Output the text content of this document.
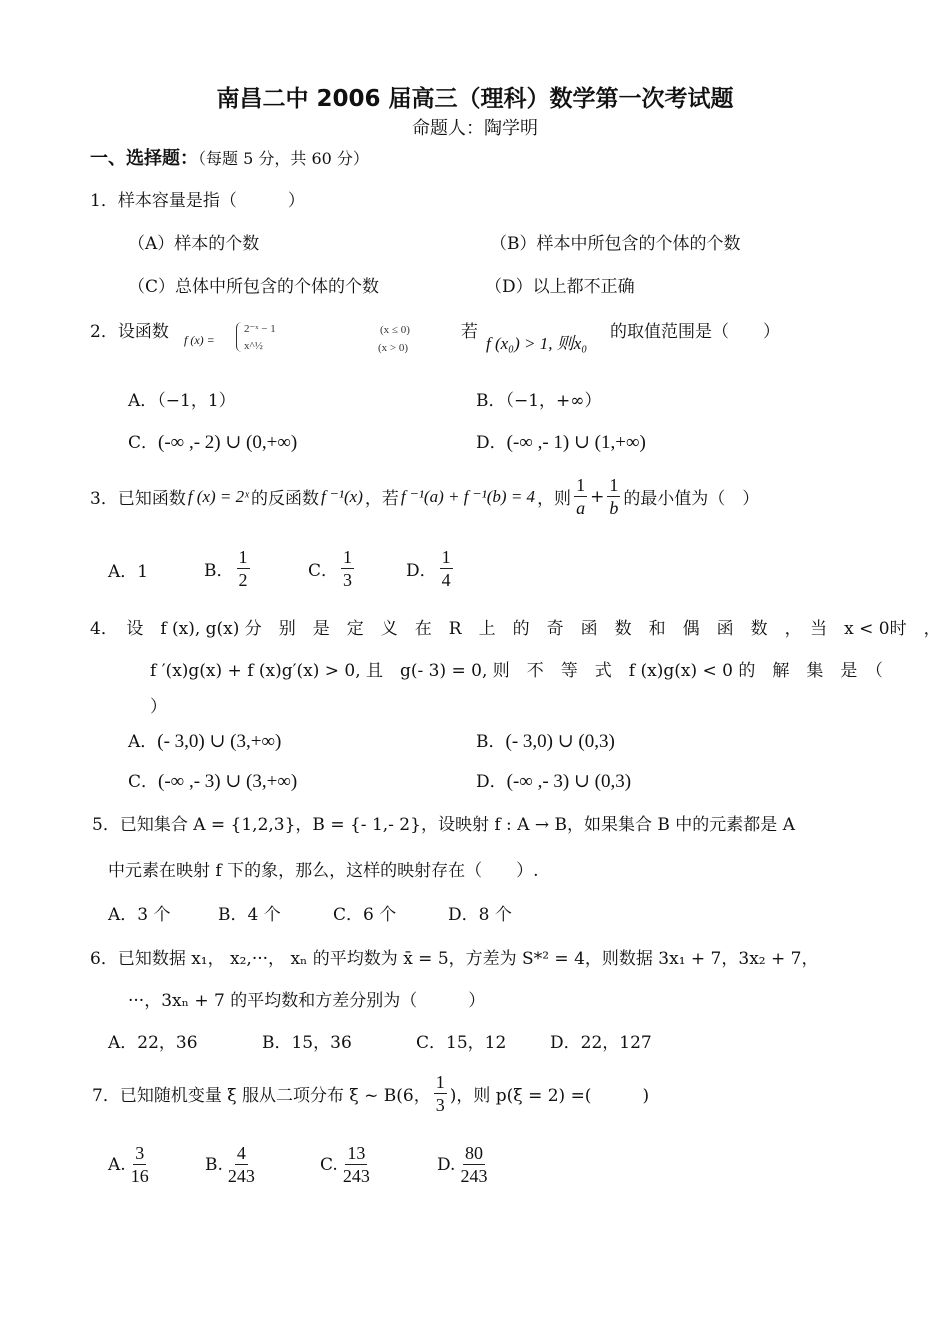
南昌二中 2006 届高三（理科）数学第一次考试题
命题人：陶学明
一、选择题：（每题 5 分，共 60 分）
1．样本容量是指（　　　）
（A）样本的个数	（B）样本中所包含的个体的个数
（C）总体中所包含的个体的个数	（D）以上都不正确
2．设函数 f (x) =
2⁻ˣ − 1
x^½
(x ≤ 0)
(x > 0)
若
f (x₀) > 1, 则x₀
的取值范围是（　　）
A．（−1，1）	B．（−1，+∞）
C．(-∞ ,- 2) ∪ (0,+∞)	D．(-∞ ,- 1) ∪ (1,+∞)
3．已知函数 f (x) = 2ˣ 的反函数 f ⁻¹(x) ，若 f ⁻¹(a) + f ⁻¹(b) = 4 ，则 $\frac{1}{a} + \frac{1}{b}$ 的最小值为（　）
A．1	B． $\frac{1}{2}$	C． $\frac{1}{3}$	D． $\frac{1}{4}$
4．　设　f (x), g(x) 分　别　是　定　义　在　R　上　的　奇　函　数　和　偶　函　数　，　当　x < 0时　，
f ′(x)g(x) + f (x)g′(x) > 0, 且　g(- 3) = 0, 则　不　等　式　f (x)g(x) < 0 的　解　集　是　（
）
A．(- 3,0) ∪ (3,+∞)	B．(- 3,0) ∪ (0,3)
C．(-∞ ,- 3) ∪ (3,+∞)	D．(-∞ ,- 3) ∪ (0,3)
5．已知集合 A = {1,2,3}，B = {- 1,- 2}，设映射 f : A → B，如果集合 B 中的元素都是 A
中元素在映射 f 下的象，那么，这样的映射存在（　　）.
A．3 个	B．4 个	C．6 个	D．8 个
6．已知数据 x₁， x₂,···， xₙ 的平均数为 x̄ = 5，方差为 S*² = 4，则数据 3x₁ + 7，3x₂ + 7，
···，3xₙ + 7 的平均数和方差分别为（　　　）
A．22，36	B．15，36	C．15，12	D．22，127
7．已知随机变量 ξ 服从二项分布 ξ ~ B(6， $\frac{1}{3}$ )，则 p(ξ = 2) =(　　　)
A. $\frac{3}{16}$	B. $\frac{4}{243}$	C. $\frac{13}{243}$	D. $\frac{80}{243}$
